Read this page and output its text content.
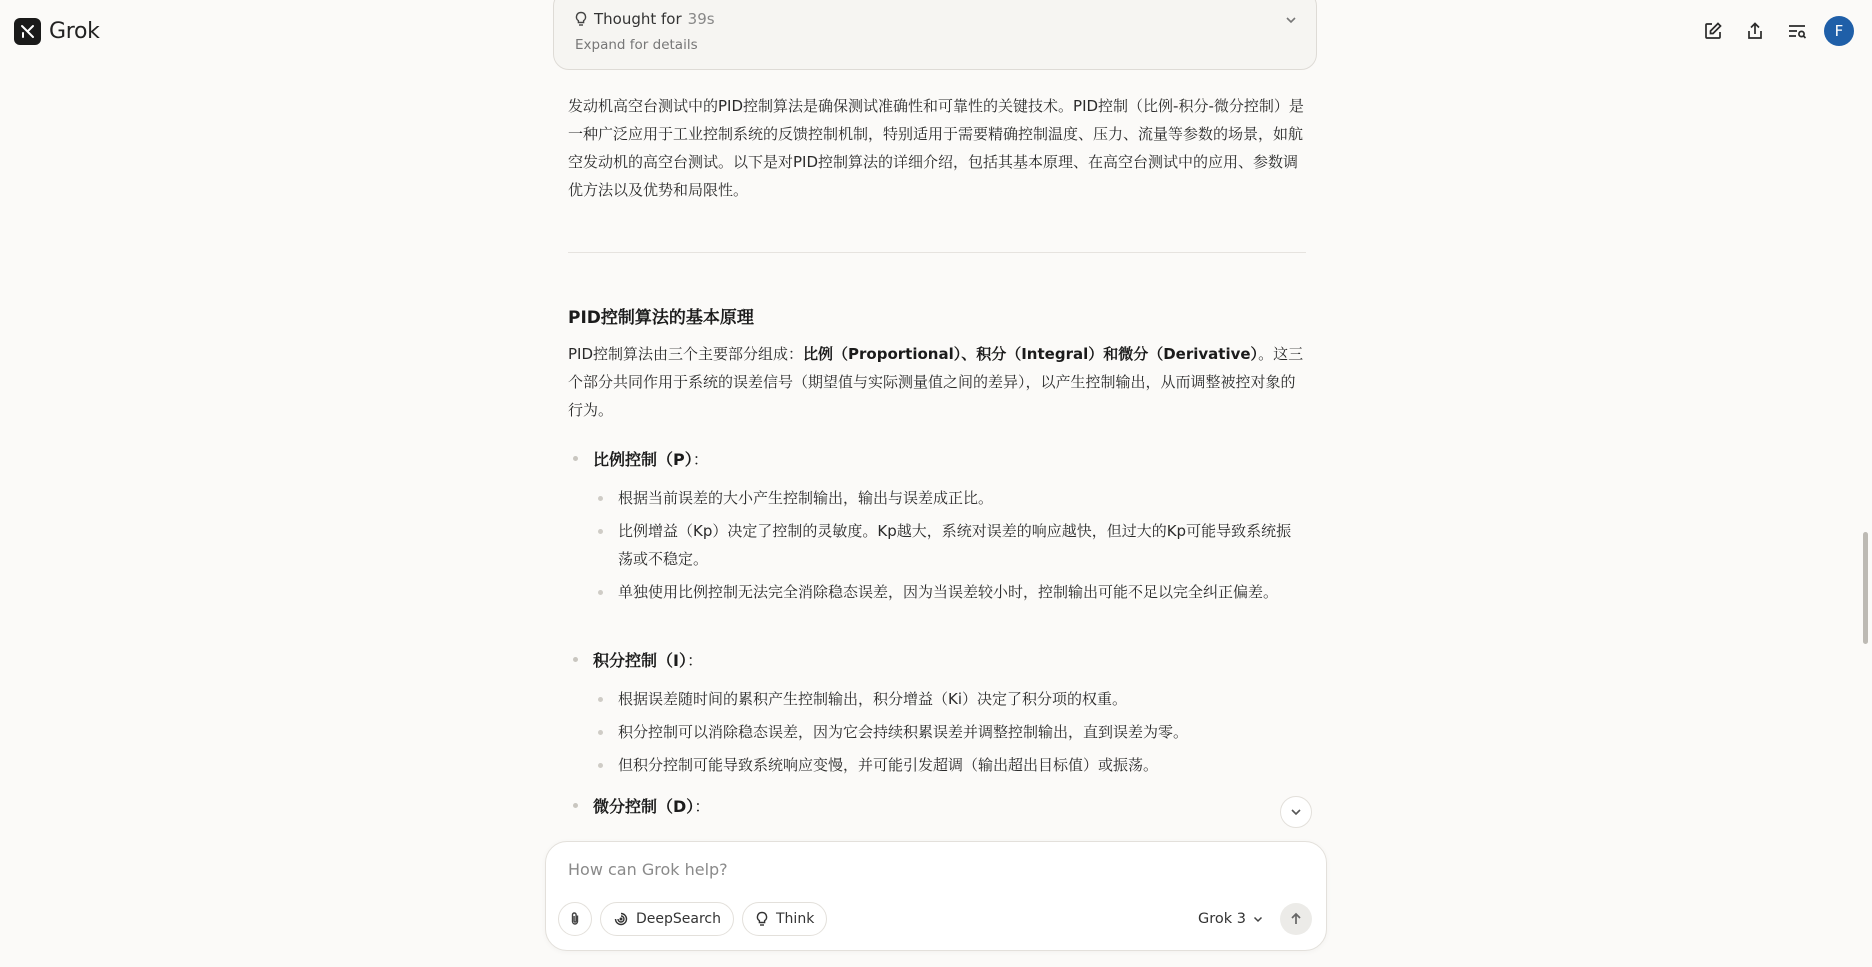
Grok	F
Thought for 39s
Expand for details

发动机高空台测试中的PID控制算法是确保测试准确性和可靠性的关键技术。PID控制（比例-积分-微分控制）是一种广泛应用于工业控制系统的反馈控制机制，特别适用于需要精确控制温度、压力、流量等参数的场景，如航空发动机的高空台测试。以下是对PID控制算法的详细介绍，包括其基本原理、在高空台测试中的应用、参数调优方法以及优势和局限性。

PID控制算法的基本原理

PID控制算法由三个主要部分组成：比例（Proportional）、积分（Integral）和微分（Derivative）。这三个部分共同作用于系统的误差信号（期望值与实际测量值之间的差异），以产生控制输出，从而调整被控对象的行为。

比例控制（P）：
根据当前误差的大小产生控制输出，输出与误差成正比。
比例增益（Kp）决定了控制的灵敏度。Kp越大，系统对误差的响应越快，但过大的Kp可能导致系统振荡或不稳定。
单独使用比例控制无法完全消除稳态误差，因为当误差较小时，控制输出可能不足以完全纠正偏差。
积分控制（I）：
根据误差随时间的累积产生控制输出，积分增益（Ki）决定了积分项的权重。
积分控制可以消除稳态误差，因为它会持续积累误差并调整控制输出，直到误差为零。
但积分控制可能导致系统响应变慢，并可能引发超调（输出超出目标值）或振荡。
微分控制（D）：
How can Grok help?
DeepSearch	Think	Grok 3
